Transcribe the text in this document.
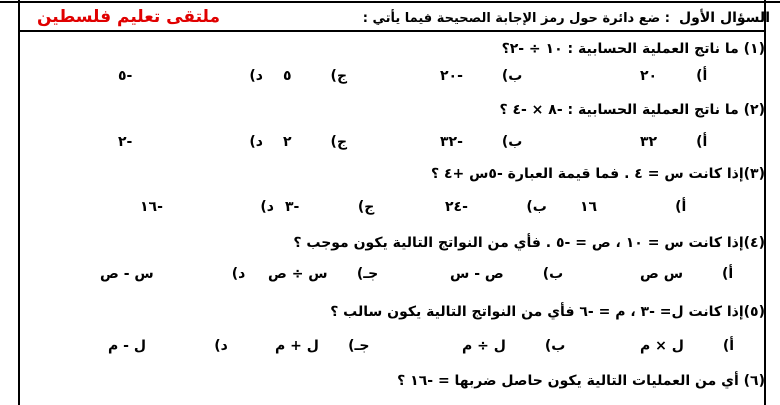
ملتقى تعليم فلسطين	السؤال الأول : ضع دائرة حول رمز الإجابة الصحيحة فيما يأتي :
(١) ما ناتج العملية الحسابية : ١٠ ÷ -٢؟
أ)        ٢٠
ب)        -٢٠
ج)        ٥
د)                        -٥
(٢) ما ناتج العملية الحسابية : -٨ × -٤ ؟
أ)        ٣٢
ب)        -٣٢
ج)        ٢
د)                        -٢
(٣)إذا كانت س = ٤ . فما قيمة العبارة -٥س +٤ ؟
أ)                ١٦
ب)            -٢٤
ج)            -٣
د)                    -١٦
(٤)إذا كانت س = ١٠ ، ص = -٥ . فأي من النواتج التالية يكون موجب ؟
أ)        س ص
ب)        ص - س
جـ)      س ÷ ص
د)                س - ص
(٥)إذا كانت ل= -٣ ، م = -٦ فأي من النواتج التالية يكون سالب ؟
أ)        ل × م
ب)        ل ÷ م
جـ)      ل + م
د)              ل - م
(٦) أي من العمليات التالية يكون حاصل ضربها = -١٦ ؟
